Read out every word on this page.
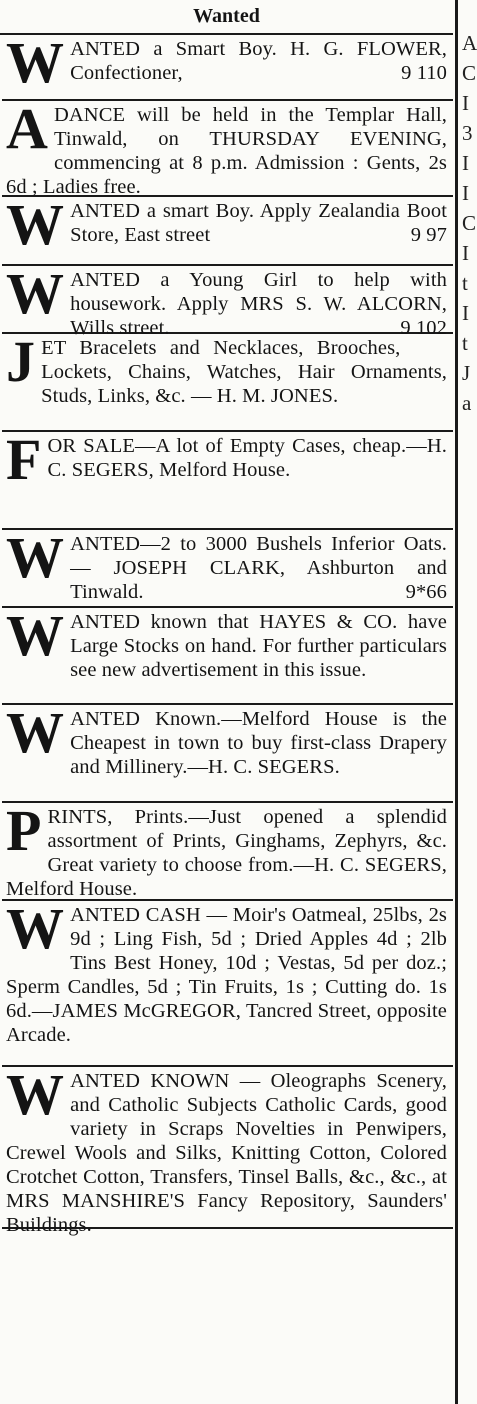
A
C
I
3
I
I
C
I
t
I
t
J
a
Wanted
W ANTED a Smart Boy. H. G. FLOWER, Confectioner,	9 110

A DANCE will be held in the Templar Hall, Tinwald, on THURSDAY EVENING, commencing at 8 p.m. Admission : Gents, 2s 6d ; Ladies free.

W ANTED a smart Boy. Apply Zealandia Boot Store, East street	9 97

W ANTED a Young Girl to help with housework. Apply MRS S. W. ALCORN, Wills street.	9 102

J ET Bracelets and Necklaces, Brooches, Lockets, Chains, Watches, Hair Ornaments, Studs, Links, &c. — H. M. JONES.

F OR SALE—A lot of Empty Cases, cheap.—H. C. SEGERS, Melford House.

W ANTED—2 to 3000 Bushels Inferior Oats.— JOSEPH CLARK, Ashburton and Tinwald.	9*66

W ANTED known that HAYES & CO. have Large Stocks on hand. For further particulars see new advertisement in this issue.

W ANTED Known.—Melford House is the Cheapest in town to buy first-class Drapery and Millinery.—H. C. SEGERS.

P RINTS, Prints.—Just opened a splendid assortment of Prints, Ginghams, Zephyrs, &c. Great variety to choose from.—H. C. SEGERS, Melford House.

W ANTED CASH — Moir's Oatmeal, 25lbs, 2s 9d ; Ling Fish, 5d ; Dried Apples 4d ; 2lb Tins Best Honey, 10d ; Vestas, 5d per doz.; Sperm Candles, 5d ; Tin Fruits, 1s ; Cutting do. 1s 6d.—JAMES McGREGOR, Tancred Street, opposite Arcade.

W ANTED KNOWN — Oleographs Scenery, and Catholic Subjects Catholic Cards, good variety in Scraps Novelties in Penwipers, Crewel Wools and Silks, Knitting Cotton, Colored Crotchet Cotton, Transfers, Tinsel Balls, &c., &c., at MRS MANSHIRE'S Fancy Repository, Saunders' Buildings.
